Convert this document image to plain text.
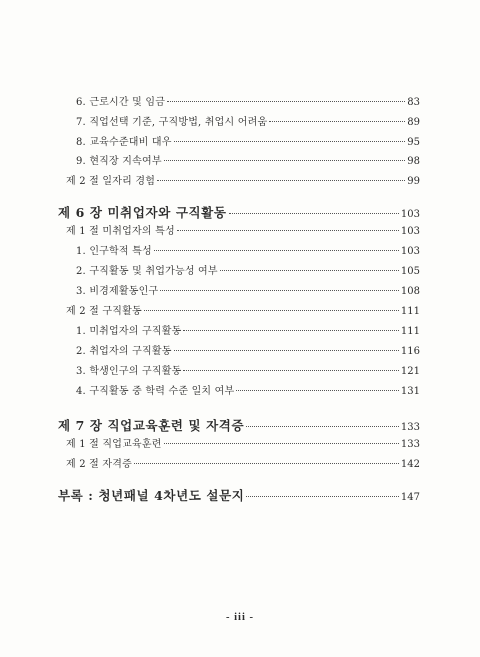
6. 근로시간 및 임금	83
7. 직업선택 기준, 구직방법, 취업시 어려움	89
8. 교육수준대비 대우	95
9. 현직장 지속여부	98
제 2 절 일자리 경험	99
제 6 장 미취업자와 구직활동	103
제 1 절 미취업자의 특성	103
1. 인구학적 특성	103
2. 구직활동 및 취업가능성 여부	105
3. 비경제활동인구	108
제 2 절 구직활동	111
1. 미취업자의 구직활동	111
2. 취업자의 구직활동	116
3. 학생인구의 구직활동	121
4. 구직활동 중 학력 수준 일치 여부	131
제 7 장 직업교육훈련 및 자격증	133
제 1 절 직업교육훈련	133
제 2 절 자격증	142
부록 : 청년패널 4차년도 설문지	147
- iii -
